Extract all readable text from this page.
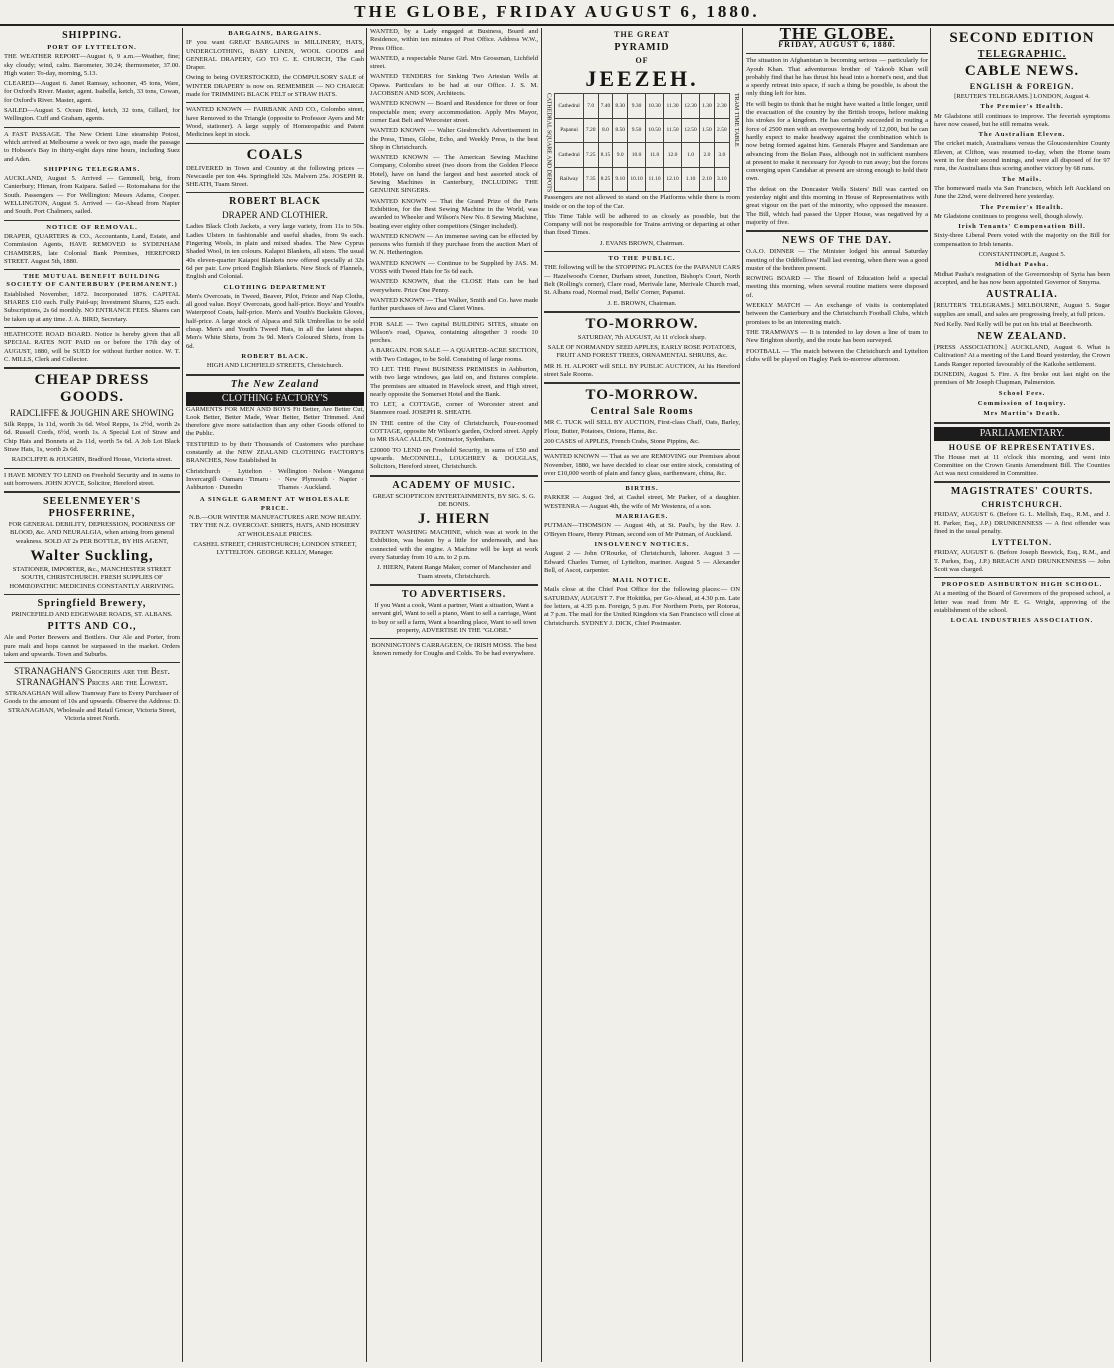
THE GLOBE, FRIDAY AUGUST 6, 1880.
SHIPPING.
PORT OF LYTTELTON.

THE WEATHER REPORT—August 6, 9 a.m.—Weather, fine; sky cloudy; wind, calm. Barometer, 30.24; thermometer, 37.00. High water: To-day, morning, 5.13.

CLEARED—August 6. Janet Ramsay, schooner, 45 tons, Ware, for Oxford's River. Master, agent. Isabella, ketch, 33 tons, Cowan, for Oxford's River. Master, agent.

SAILED—August 5. Ocean Bird, ketch, 32 tons, Gillard, for Wellington. Cuff and Graham, agents.

A FAST PASSAGE. The New Orient Line steamship Potosi, which arrived at Melbourne a week or two ago, made the passage to Hobson's Bay in thirty-eight days nine hours, including Suez and Aden.

SHIPPING TELEGRAMS.

AUCKLAND, August 5. Arrived — Gemmell, brig, from Canterbury; Hirnan, from Kaipara. Sailed — Rotomahana for the South. Passengers — For Wellington: Messrs Adams, Cooper. WELLINGTON, August 5. Arrived — Go-Ahead from Napier and South. Port Chalmers, sailed.

NOTICE OF REMOVAL.

DRAPER, QUARTERS & CO., Accountants, Land, Estate, and Commission Agents, HAVE REMOVED to SYDENHAM CHAMBERS, late Colonial Bank Premises, HEREFORD STREET. August 5th, 1880.

THE MUTUAL BENEFIT BUILDING SOCIETY OF CANTERBURY (PERMANENT.)

Established November, 1872. Incorporated 1876. CAPITAL SHARES £10 each. Fully Paid-up; Investment Shares, £25 each. Subscriptions, 2s 6d monthly. NO ENTRANCE FEES. Shares can be taken up at any time. J. A. BIRD, Secretary.

HEATHCOTE ROAD BOARD. Notice is hereby given that all SPECIAL RATES NOT PAID on or before the 17th day of AUGUST, 1880, will be SUED for without further notice. W. T. C. MILLS, Clerk and Collector.

CHEAP DRESS GOODS.
RADCLIFFE & JOUGHIN ARE SHOWING

Silk Repps, 1s 11d, worth 3s 6d. Wool Repps, 1s 2½d, worth 2s 6d. Russell Cords, 6½d, worth 1s. A Special Lot of Straw and Chip Hats and Bonnets at 2s 11d, worth 5s 6d. A Job Lot Black Straw Hats, 1s, worth 2s 6d.

RADCLIFFE & JOUGHIN, Bradford House, Victoria street.

I HAVE MONEY TO LEND on Freehold Security and in sums to suit borrowers. JOHN JOYCE, Solicitor, Hereford street.

SEELENMEYER'S PHOSFERRINE,

FOR GENERAL DEBILITY, DEPRESSION, POORNESS OF BLOOD, &c. AND NEURALGIA, when arising from general weakness. SOLD AT 2s PER BOTTLE, BY HIS AGENT,

Walter Suckling,

STATIONER, IMPORTER, &c., MANCHESTER STREET SOUTH, CHRISTCHURCH. FRESH SUPPLIES OF HOMŒOPATHIC MEDICINES CONSTANTLY ARRIVING.

Springfield Brewery,

PRINCEFIELD AND EDGEWARE ROADS, ST. ALBANS.

PITTS AND CO.,

Ale and Porter Brewers and Bottlers. Our Ale and Porter, from pure malt and hops cannot be surpassed in the market. Orders taken and upwards. Town and Suburbs.

STRANAGHAN'S Groceries are the Best. STRANAGHAN'S Prices are the Lowest.

STRANAGHAN Will allow Tramway Fare to Every Purchaser of Goods to the amount of 10s and upwards. Observe the Address: D. STRANAGHAN, Wholesale and Retail Grocer, Victoria Street, Victoria street North.

BARGAINS, BARGAINS.

IF you want GREAT BARGAINS in MILLINERY, HATS, UNDERCLOTHING, BABY LINEN, WOOL GOODS and GENERAL DRAPERY, GO TO C. E. CHURCH, The Cash Draper.

Owing to being OVERSTOCKED, the COMPULSORY SALE of WINTER DRAPERY is now on. REMEMBER — NO CHARGE made for TRIMMING BLACK FELT or STRAW HATS.

WANTED KNOWN — FAIRBANK AND CO., Colombo street, have Removed to the Triangle (opposite to Professor Ayers and Mr Wood, stationer). A large supply of Homœopathic and Patent Medicines kept in stock.

COALS

DELIVERED in Town and Country at the following prices — Newcastle per ton 44s. Springfield 32s. Malvern 25s. JOSEPH R. SHEATH, Tuam Street.

ROBERT BLACK
DRAPER AND CLOTHIER.

Ladies Black Cloth Jackets, a very large variety, from 11s to 50s. Ladies Ulsters in fashionable and useful shades, from 9s each. Fingering Wools, in plain and mixed shades. The New Cyprus Shaded Wool, in ten colours. Kalapoi Blankets, all sizes. The usual 40s eleven-quarter Kaiapoi Blankets now offered specially at 32s 6d per pair. Low priced English Blankets. New Stock of Flannels, English and Colonial.

CLOTHING DEPARTMENT

Men's Overcoats, in Tweed, Beaver, Pilot, Frieze and Nap Cloths, all good value. Boys' Overcoats, good half-price. Boys' and Youth's Waterproof Coats, half-price. Men's and Youth's Buckskin Gloves, half-price. A large stock of Alpaca and Silk Umbrellas to be sold cheap. Men's and Youth's Tweed Hats, in all the latest shapes. Men's White Shirts, from 3s 9d. Men's Coloured Shirts, from 1s 6d.

ROBERT BLACK.

HIGH AND LICHFIELD STREETS, Christchurch.

The New Zealand
CLOTHING FACTORY'S

GARMENTS FOR MEN AND BOYS Fit Better, Are Better Cut, Look Better, Better Made, Wear Better, Better Trimmed. And therefore give more satisfaction than any other Goods offered to the Public.

TESTIFIED to by their Thousands of Customers who purchase constantly at the NEW ZEALAND CLOTHING FACTORY'S BRANCHES, Now Established In

Christchurch · Lyttelton · Invercargill · Oamaru · Timaru · Ashburton · Dunedin

Wellington · Nelson · Wanganui · New Plymouth · Napier · Thames · Auckland.

A SINGLE GARMENT AT WHOLESALE PRICE.

N.B.—OUR WINTER MANUFACTURES ARE NOW READY. TRY THE N.Z. OVERCOAT. SHIRTS, HATS, AND HOSIERY AT WHOLESALE PRICES.

CASHEL STREET, CHRISTCHURCH; LONDON STREET, LYTTELTON. GEORGE KELLY, Manager.

WANTED, by a Lady engaged at Business, Board and Residence, within ten minutes of Post Office. Address W.W., Press Office.

WANTED, a respectable Nurse Girl. Mrs Grossman, Lichfield street.

WANTED TENDERS for Sinking Two Artesian Wells at Opawa. Particulars to be had at our Office. J. S. M. JACOBSEN AND SON, Architects.

WANTED KNOWN — Board and Residence for three or four respectable men; every accommodation. Apply Mrs Mayor, corner East Belt and Worcester street.

WANTED KNOWN — Walter Giesbrecht's Advertisement in the Press, Times, Globe, Echo, and Weekly Press, is the best Shop in Christchurch.

WANTED KNOWN — The American Sewing Machine Company, Colombo street (two doors from the Golden Fleece Hotel), have on hand the largest and best assorted stock of Sewing Machines in Canterbury, INCLUDING THE GENUINE SINGERS.

WANTED KNOWN — That the Grand Prize of the Paris Exhibition, for the Best Sewing Machine in the World, was awarded to Wheeler and Wilson's New No. 8 Sewing Machine, beating ever eighty other competitors (Singer included).

WANTED KNOWN — An immense saving can be effected by persons who furnish if they purchase from the auction Mart of W. N. Hetherington.

WANTED KNOWN — Continue to be Supplied by JAS. M. VOSS with Tweed Hats for 5s 6d each.

WANTED KNOWN, that the CLOSE Hats can be had everywhere. Price One Penny.

WANTED KNOWN — That Walker, Smith and Co. have made further purchases of Java and Claret Wines.

FOR SALE — Two capital BUILDING SITES, situate on Wilson's road, Opawa, containing altogether 3 roods 10 perches.

A BARGAIN. FOR SALE — A QUARTER-ACRE SECTION, with Two Cottages, to be Sold. Consisting of large rooms.

TO LET. THE Finest BUSINESS PREMISES in Ashburton, with two large windows, gas laid on, and fixtures complete. The premises are situated in Havelock street, and High street, nearly opposite the Somerset Hotel and the Bank.

TO LET, a COTTAGE, corner of Worcester street and Stanmore road. JOSEPH R. SHEATH.

IN THE centre of the City of Christchurch, Four-roomed COTTAGE, opposite Mr Wilson's garden, Oxford street. Apply to MR ISAAC ALLEN, Contractor, Sydenham.

£20000 TO LEND on Freehold Security, in sums of £50 and upwards. McCONNELL, LOUGHREY & DOUGLAS, Solicitors, Hereford street, Christchurch.

ACADEMY OF MUSIC.

GREAT SCIOPTICON ENTERTAINMENTS, BY SIG. S. G. DE BONIS.

J. HIERN

PATENT WASHING MACHINE, which was at work in the Exhibition, was beaten by a little for underneath, and has connected with the engine. A Machine will be kept at work every Saturday from 10 a.m. to 2 p.m.

J. HIERN, Patent Range Maker, corner of Manchester and Tuam streets, Christchurch.

TO ADVERTISERS.

If you Want a cook, Want a partner, Want a situation, Want a servant girl, Want to sell a piano, Want to sell a carriage, Want to buy or sell a farm, Want a boarding place, Want to sell town property, ADVERTISE IN THE "GLOBE."

BONNINGTON'S CARRAGEEN, Or IRISH MOSS. The best known remedy for Coughs and Colds. To be had everywhere.

THE GREAT
PYRAMID
OF
JEEZEH.
CATHEDRAL SQUARE AND DEPOTS Cathedral	7.0	7.40	8.30	9.30	10.30	11.30	12.30	1.30	2.30
Papanui	7.20	8.0	8.50	9.50	10.50	11.50	12.50	1.50	2.50
Cathedral	7.25	8.15	9.0	10.0	11.0	12.0	1.0	2.0	3.0
Railway	7.35	8.25	9.10	10.10	11.10	12.10	1.10	2.10	3.10
TRAM TIME TABLE

Passengers are not allowed to stand on the Platforms while there is room inside or on the top of the Car.

This Time Table will be adhered to as closely as possible, but the Company will not be responsible for Trains arriving or departing at other than fixed Times.

J. EVANS BROWN, Chairman.

TO THE PUBLIC.

THE following will be the STOPPING PLACES for the PAPANUI CARS — Hazelwood's Corner, Durham street, Junction, Bishop's Court, North Belt (Rolling's corner), Clare road, Merivale lane, Merivale Church road, St. Albans road, Normal road, Bells' Corner, Papanui.

J. E. BROWN, Chairman.

TO-MORROW.

SATURDAY, 7th AUGUST, At 11 o'clock sharp.

SALE OF NORMANDY SEED APPLES, EARLY ROSE POTATOES, FRUIT AND FOREST TREES, ORNAMENTAL SHRUBS, &c.

MR H. H. ALPORT will SELL BY PUBLIC AUCTION, At his Hereford street Sale Rooms.

TO-MORROW.
Central Sale Rooms

MR C. TUCK will SELL BY AUCTION, First-class Chaff, Oats, Barley, Flour, Butter, Potatoes, Onions, Hams, &c.

200 CASES of APPLES, French Crabs, Stone Pippins, &c.

WANTED KNOWN — That as we are REMOVING our Premises about November, 1880, we have decided to clear our entire stock, consisting of over £10,000 worth of plain and fancy glass, earthenware, china, &c.

BIRTHS.

PARKER — August 3rd, at Cashel street, Mr Parker, of a daughter. WESTENRA — August 4th, the wife of Mr Westenra, of a son.

MARRIAGES.

PUTMAN—THOMSON — August 4th, at St. Paul's, by the Rev. J. O'Bryen Hoare, Henry Pitman, second son of Mr Putman, of Auckland.

INSOLVENCY NOTICES.

August 2 — John O'Rourke, of Christchurch, laborer. August 3 — Edward Charles Turner, of Lyttelton, mariner. August 5 — Alexander Bell, of Ascot, carpenter.

MAIL NOTICE.

Mails close at the Chief Post Office for the following places:— ON SATURDAY, AUGUST 7. For Hokitika, per Go-Ahead, at 4.30 p.m. Late fee letters, at 4.35 p.m. Foreign, 5 p.m. For Northern Ports, per Rotorua, at 7 p.m. The mail for the United Kingdom via San Francisco will close at Christchurch. SYDNEY J. DICK, Chief Postmaster.

THE GLOBE.
FRIDAY, AUGUST 6, 1880.

The situation in Afghanistan is becoming serious — particularly for Ayoub Khan. That adventurous brother of Yakoob Khan will probably find that he has thrust his head into a hornet's nest, and that a speedy retreat into space, if such a thing be possible, is about the only thing left for him.

He will begin to think that he might have waited a little longer, until the evacuation of the country by the British troops, before making his strokes for a kingdom. He has certainly succeeded in routing a force of 2500 men with an overpowering body of 12,000, but he can hardly expect to make headway against the combination which is now being formed against him. Generals Phayre and Sandeman are advancing from the Bolan Pass, although not in sufficient numbers at present to make it necessary for Ayoub to run away; but the forces converging upon Candahar at present are strong enough to hold their own.

The defeat on the Doncaster Wells Sisters' Bill was carried on yesterday night and this morning in House of Representatives with great vigour on the part of the minority, who opposed the measure. The Bill, which had passed the Upper House, was negatived by a majority of five.

NEWS OF THE DAY.

O.A.O. DINNER — The Minister lodged his annual Saturday meeting of the Oddfellows' Hall last evening, when there was a good muster of the brethren present.

ROWING BOARD — The Board of Education held a special meeting this morning, when several routine matters were disposed of.

WEEKLY MATCH — An exchange of visits is contemplated between the Canterbury and the Christchurch Football Clubs, which promises to be an interesting match.

THE TRAMWAYS — It is intended to lay down a line of tram to New Brighton shortly, and the route has been surveyed.

FOOTBALL — The match between the Christchurch and Lyttelton clubs will be played on Hagley Park to-morrow afternoon.

SECOND EDITION
TELEGRAPHIC.
CABLE NEWS.
ENGLISH & FOREIGN.

[REUTER'S TELEGRAMS.] LONDON, August 4.

The Premier's Health.

Mr Gladstone still continues to improve. The feverish symptoms have now ceased, but he still remains weak.

The Australian Eleven.

The cricket match, Australians versus the Gloucestershire County Eleven, at Clifton, was resumed to-day, when the Home team went in for their second innings, and were all disposed of for 97 runs, the Australians thus scoring another victory by 68 runs.

The Mails.

The homeward mails via San Francisco, which left Auckland on June the 22nd, were delivered here yesterday.

The Premier's Health.

Mr Gladstone continues to progress well, though slowly.

Irish Tenants' Compensation Bill.

Sixty-three Liberal Peers voted with the majority on the Bill for compensation to Irish tenants.

CONSTANTINOPLE, August 5.

Midhat Pasha.

Midhat Pasha's resignation of the Governorship of Syria has been accepted, and he has now been appointed Governor of Smyrna.

AUSTRALIA.

[REUTER'S TELEGRAMS.] MELBOURNE, August 5. Sugar supplies are small, and sales are progressing freely, at full prices.

Ned Kelly. Ned Kelly will be put on his trial at Beechworth.

NEW ZEALAND.

[PRESS ASSOCIATION.] AUCKLAND, August 6. What is Cultivation? At a meeting of the Land Board yesterday, the Crown Lands Ranger reported favourably of the Kaikohe settlement.

DUNEDIN, August 5. Fire. A fire broke out last night on the premises of Mr Joseph Chapman, Palmerston.

School Fees.
Commission of Inquiry.
Mrs Martin's Death.
PARLIAMENTARY.
HOUSE OF REPRESENTATIVES.

The House met at 11 o'clock this morning, and went into Committee on the Crown Grants Amendment Bill. The Counties Act was next considered in Committee.

MAGISTRATES' COURTS.
CHRISTCHURCH.

FRIDAY, AUGUST 6. (Before G. L. Mellish, Esq., R.M., and J. H. Parker, Esq., J.P.) DRUNKENNESS — A first offender was fined in the usual penalty.

LYTTELTON.

FRIDAY, AUGUST 6. (Before Joseph Beswick, Esq., R.M., and T. Parkes, Esq., J.P.) BREACH AND DRUNKENNESS — John Scott was charged.

PROPOSED ASHBURTON HIGH SCHOOL.

At a meeting of the Board of Governors of the proposed school, a letter was read from Mr E. G. Wright, approving of the establishment of the school.

LOCAL INDUSTRIES ASSOCIATION.
